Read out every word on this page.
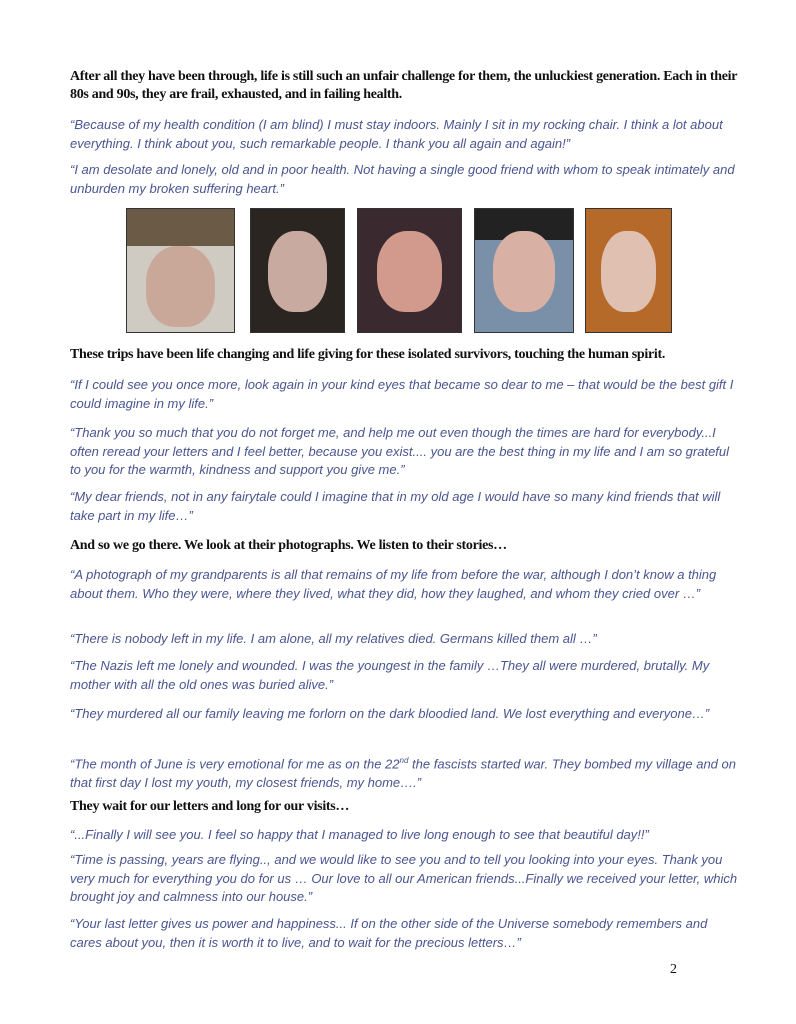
After all they have been through, life is still such an unfair challenge for them, the unluckiest generation. Each in their 80s and 90s, they are frail, exhausted, and in failing health.
“Because of my health condition (I am blind) I must stay indoors. Mainly I sit in my rocking chair. I think a lot about everything. I think about you, such remarkable people. I thank you all again and again!”
“I am desolate and lonely, old and in poor health. Not having a single good friend with whom to speak intimately and unburden my broken suffering heart.”
These trips have been life changing and life giving for these isolated survivors, touching the human spirit.
“If I could see you once more, look again in your kind eyes that became so dear to me – that would be the best gift I could imagine in my life.”
“Thank you so much that you do not forget me, and help me out even though the times are hard for everybody...I often reread your letters and I feel better, because you exist.... you are the best thing in my life and I am so grateful to you for the warmth, kindness and support you give me.”
“My dear friends, not in any fairytale could I imagine that in my old age I would have so many kind friends that will take part in my life…”
And so we go there. We look at their photographs. We listen to their stories…
“A photograph of my grandparents is all that remains of my life from before the war, although I don’t know a thing about them. Who they were, where they lived, what they did, how they laughed, and whom they cried over …”
“There is nobody left in my life. I am alone, all my relatives died. Germans killed them all …”
“The Nazis left me lonely and wounded. I was the youngest in the family …They all were murdered, brutally. My mother with all the old ones was buried alive.”
“They murdered all our family leaving me forlorn on the dark bloodied land. We lost everything and everyone…”
“The month of June is very emotional for me as on the 22nd the fascists started war. They bombed my village and on that first day I lost my youth, my closest friends, my home….”
They wait for our letters and long for our visits…
“...Finally I will see you. I feel so happy that I managed to live long enough to see that beautiful day!!”
“Time is passing, years are flying.., and we would like to see you and to tell you looking into your eyes. Thank you very much for everything you do for us … Our love to all our American friends...Finally we received your letter, which brought joy and calmness into our house.”
“Your last letter gives us power and happiness... If on the other side of the Universe somebody remembers and cares about you, then it is worth it to live, and to wait for the precious letters…”
2
